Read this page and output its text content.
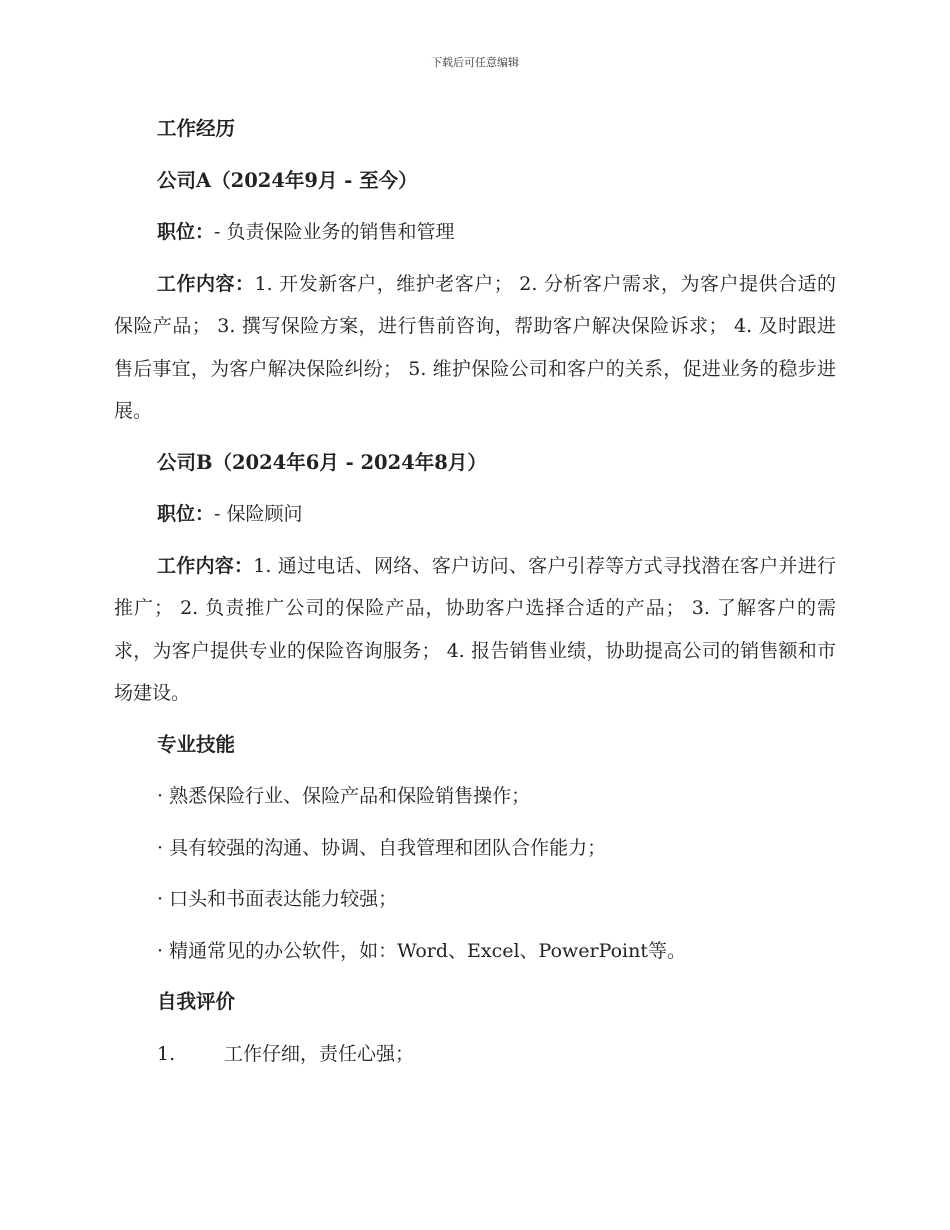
下载后可任意编辑

工作经历

公司A（2024年9月 - 至今）

职位：- 负责保险业务的销售和管理

工作内容：1. 开发新客户，维护老客户； 2. 分析客户需求，为客户提供合适的保险产品； 3. 撰写保险方案，进行售前咨询，帮助客户解决保险诉求； 4. 及时跟进售后事宜，为客户解决保险纠纷； 5. 维护保险公司和客户的关系，促进业务的稳步进展。

公司B（2024年6月 - 2024年8月）

职位：- 保险顾问

工作内容：1. 通过电话、网络、客户访问、客户引荐等方式寻找潜在客户并进行推广； 2. 负责推广公司的保险产品，协助客户选择合适的产品； 3. 了解客户的需求，为客户提供专业的保险咨询服务； 4. 报告销售业绩，协助提高公司的销售额和市场建设。

专业技能

· 熟悉保险行业、保险产品和保险销售操作；

· 具有较强的沟通、协调、自我管理和团队合作能力；

· 口头和书面表达能力较强；

· 精通常见的办公软件，如：Word、Excel、PowerPoint等。

自我评价

1.	工作仔细，责任心强；
